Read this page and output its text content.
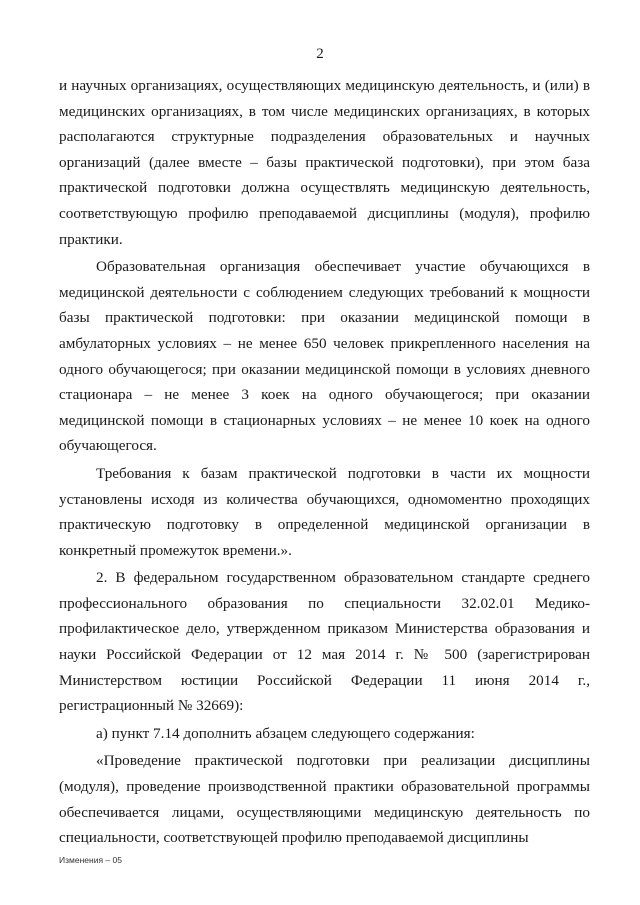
2

и научных организациях, осуществляющих медицинскую деятельность, и (или) в медицинских организациях, в том числе медицинских организациях, в которых располагаются структурные подразделения образовательных и научных организаций (далее вместе – базы практической подготовки), при этом база практической подготовки должна осуществлять медицинскую деятельность, соответствующую профилю преподаваемой дисциплины (модуля), профилю практики.

Образовательная организация обеспечивает участие обучающихся в медицинской деятельности с соблюдением следующих требований к мощности базы практической подготовки: при оказании медицинской помощи в амбулаторных условиях – не менее 650 человек прикрепленного населения на одного обучающегося; при оказании медицинской помощи в условиях дневного стационара – не менее 3 коек на одного обучающегося; при оказании медицинской помощи в стационарных условиях – не менее 10 коек на одного обучающегося.

Требования к базам практической подготовки в части их мощности установлены исходя из количества обучающихся, одномоментно проходящих практическую подготовку в определенной медицинской организации в конкретный промежуток времени.».

2. В федеральном государственном образовательном стандарте среднего профессионального образования по специальности 32.02.01 Медико-профилактическое дело, утвержденном приказом Министерства образования и науки Российской Федерации от 12 мая 2014 г. № 500 (зарегистрирован Министерством юстиции Российской Федерации 11 июня 2014 г., регистрационный № 32669):

а) пункт 7.14 дополнить абзацем следующего содержания:

«Проведение практической подготовки при реализации дисциплины (модуля), проведение производственной практики образовательной программы обеспечивается лицами, осуществляющими медицинскую деятельность по специальности, соответствующей профилю преподаваемой дисциплины

Изменения – 05
